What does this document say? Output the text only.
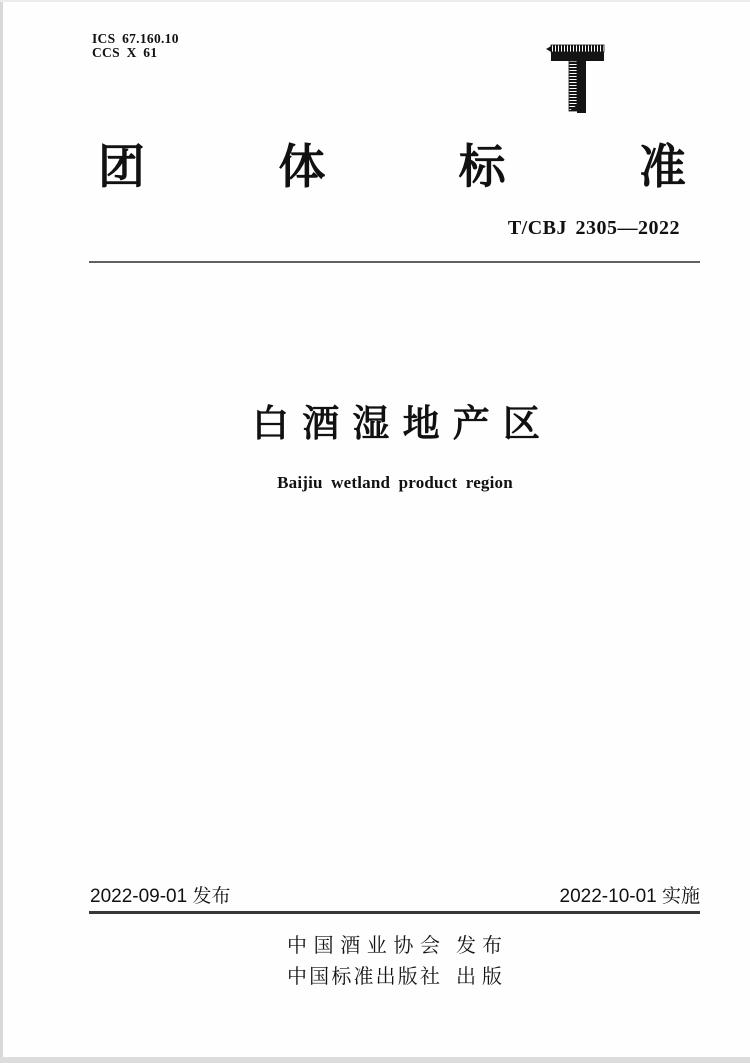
ICS 67.160.10
CCS X 61
团	体	标	准
T/CBJ 2305—2022
白 酒 湿 地 产 区
Baijiu wetland product region
2022-09-01 发布	2022-10-01 实施
中 国 酒 业 协 会 发 布
中 国 标 准 出 版 社 出 版
